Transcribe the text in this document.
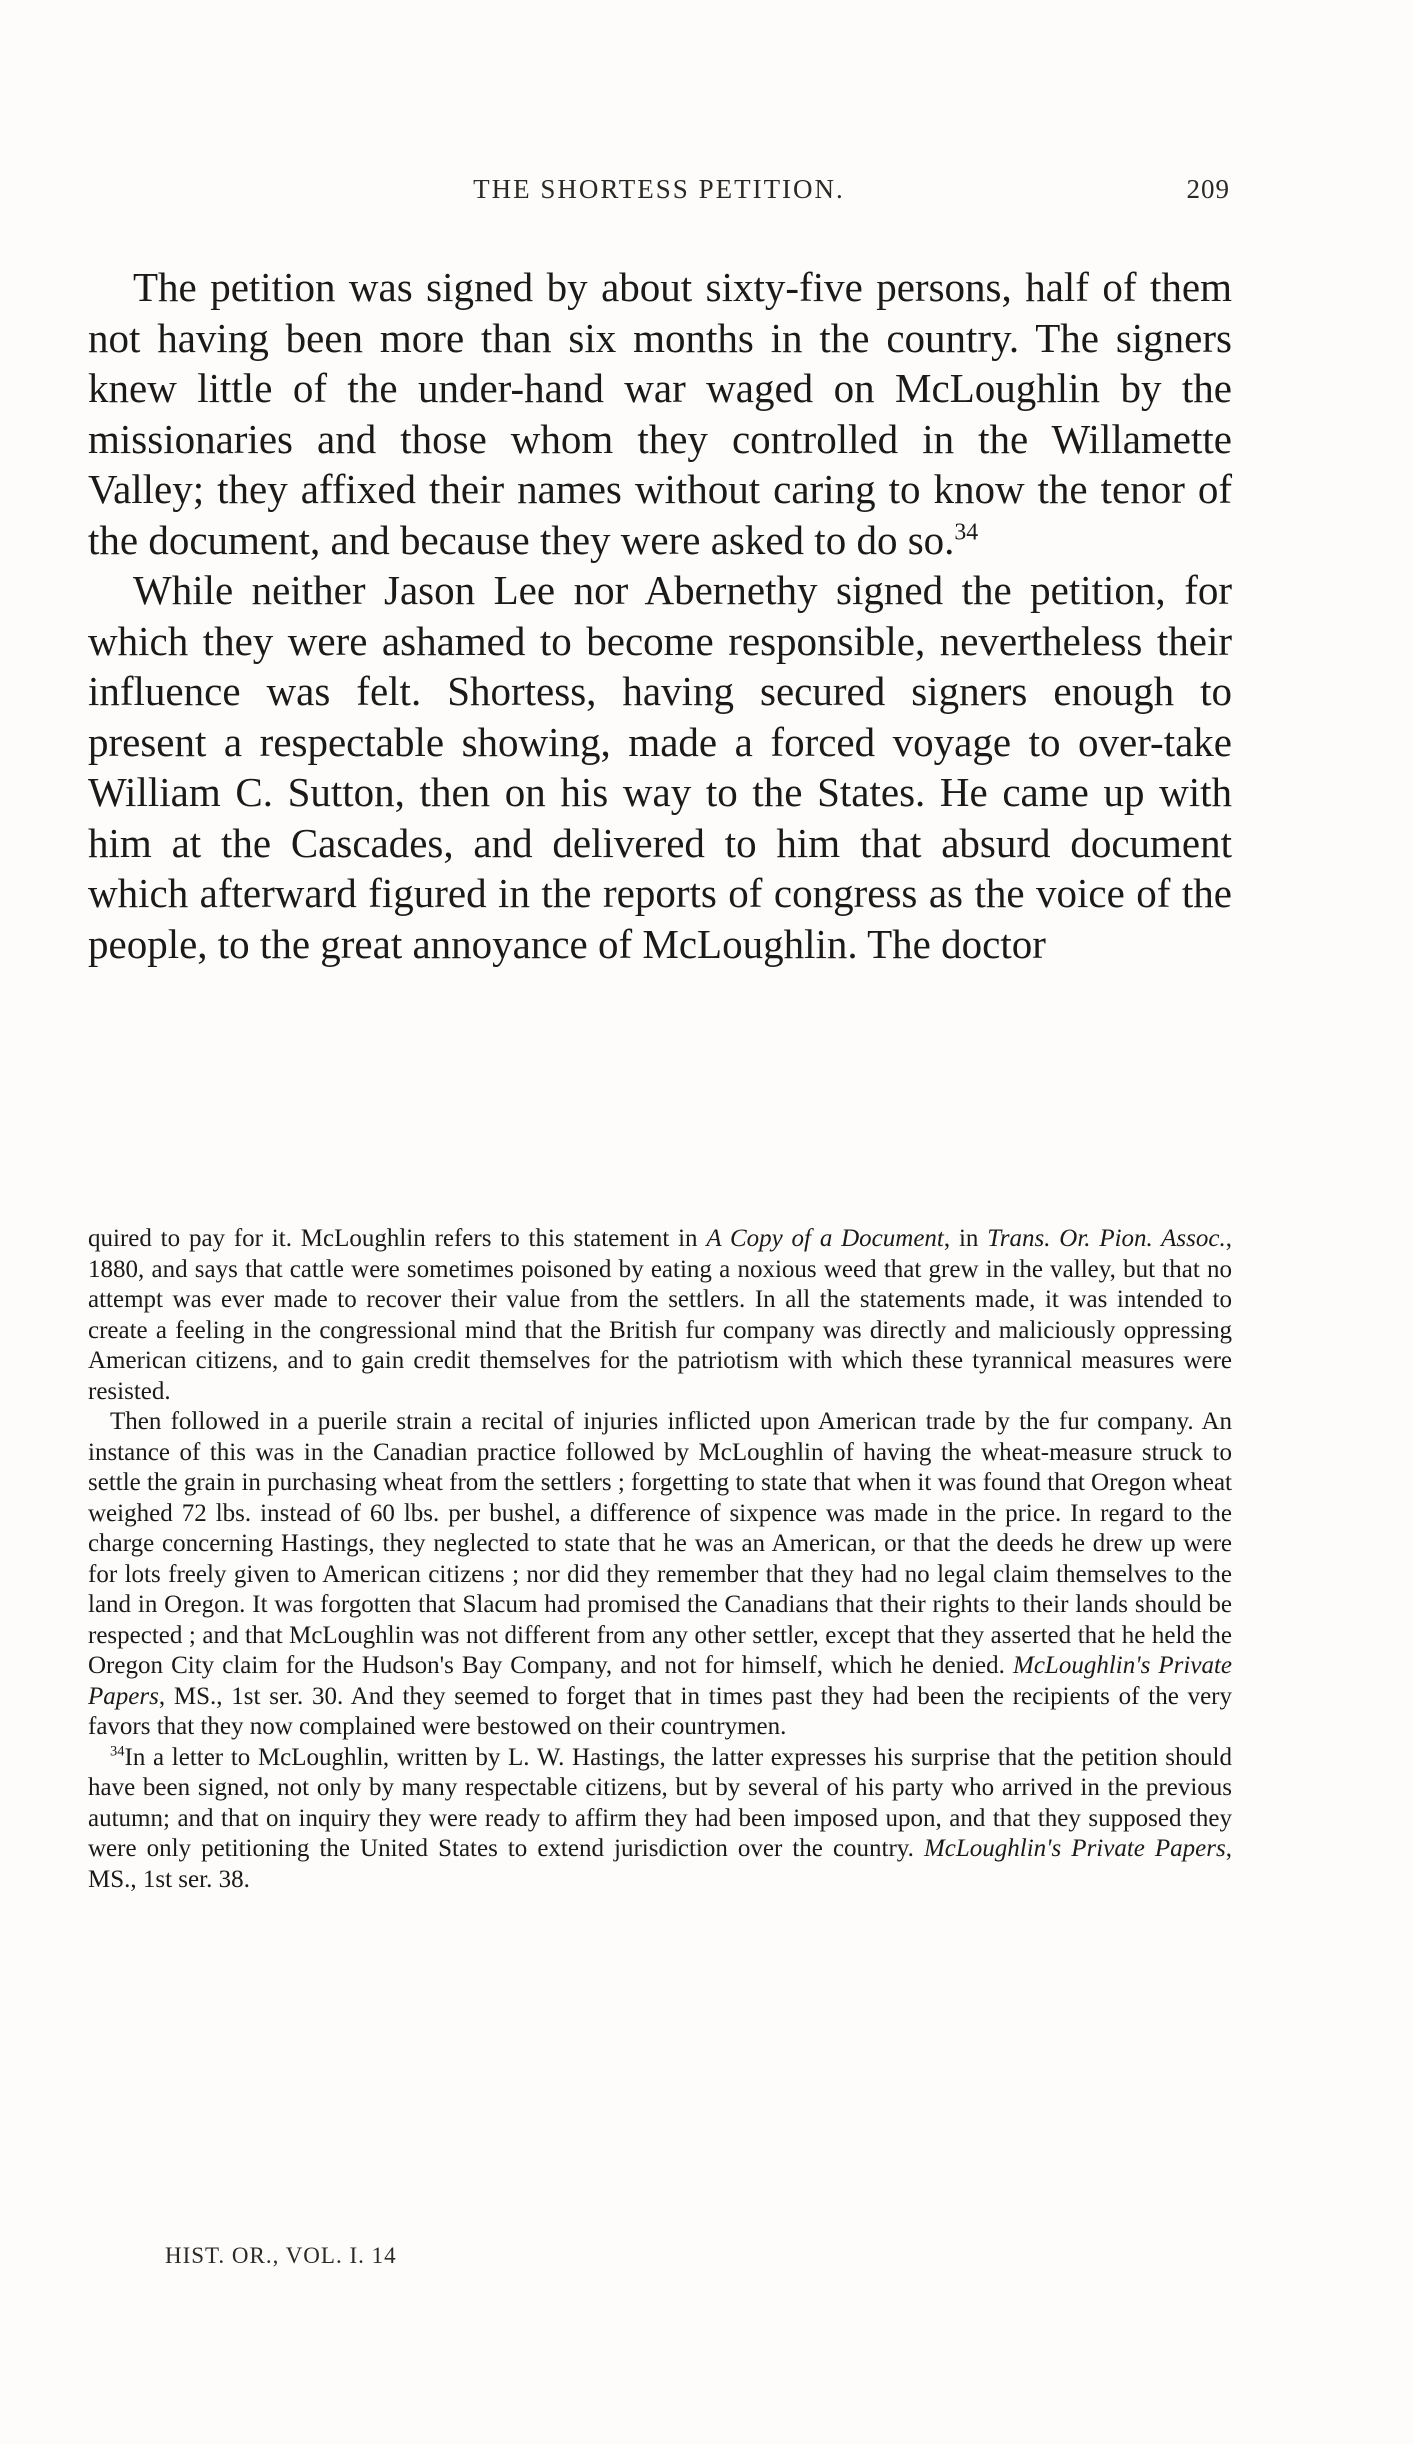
THE SHORTESS PETITION.	209

The petition was signed by about sixty-five persons, half of them not having been more than six months in the country. The signers knew little of the under-hand war waged on McLoughlin by the missionaries and those whom they controlled in the Willamette Valley; they affixed their names without caring to know the tenor of the document, and because they were asked to do so.$^{34}$

While neither Jason Lee nor Abernethy signed the petition, for which they were ashamed to become responsible, nevertheless their influence was felt. Shortess, having secured signers enough to present a respectable showing, made a forced voyage to over-take William C. Sutton, then on his way to the States. He came up with him at the Cascades, and delivered to him that absurd document which afterward figured in the reports of congress as the voice of the people, to the great annoyance of McLoughlin. The doctor

quired to pay for it. McLoughlin refers to this statement in A Copy of a Document, in Trans. Or. Pion. Assoc., 1880, and says that cattle were sometimes poisoned by eating a noxious weed that grew in the valley, but that no attempt was ever made to recover their value from the settlers. In all the statements made, it was intended to create a feeling in the congressional mind that the British fur company was directly and maliciously oppressing American citizens, and to gain credit themselves for the patriotism with which these tyrannical measures were resisted.

Then followed in a puerile strain a recital of injuries inflicted upon American trade by the fur company. An instance of this was in the Canadian practice followed by McLoughlin of having the wheat-measure struck to settle the grain in purchasing wheat from the settlers ; forgetting to state that when it was found that Oregon wheat weighed 72 lbs. instead of 60 lbs. per bushel, a difference of sixpence was made in the price. In regard to the charge concerning Hastings, they neglected to state that he was an American, or that the deeds he drew up were for lots freely given to American citizens ; nor did they remember that they had no legal claim themselves to the land in Oregon. It was forgotten that Slacum had promised the Canadians that their rights to their lands should be respected ; and that McLoughlin was not different from any other settler, except that they asserted that he held the Oregon City claim for the Hudson's Bay Company, and not for himself, which he denied. McLoughlin's Private Papers, MS., 1st ser. 30. And they seemed to forget that in times past they had been the recipients of the very favors that they now complained were bestowed on their countrymen.

$^{34}$In a letter to McLoughlin, written by L. W. Hastings, the latter expresses his surprise that the petition should have been signed, not only by many respectable citizens, but by several of his party who arrived in the previous autumn; and that on inquiry they were ready to affirm they had been imposed upon, and that they supposed they were only petitioning the United States to extend jurisdiction over the country. McLoughlin's Private Papers, MS., 1st ser. 38.

HIST. OR., VOL. I. 14
